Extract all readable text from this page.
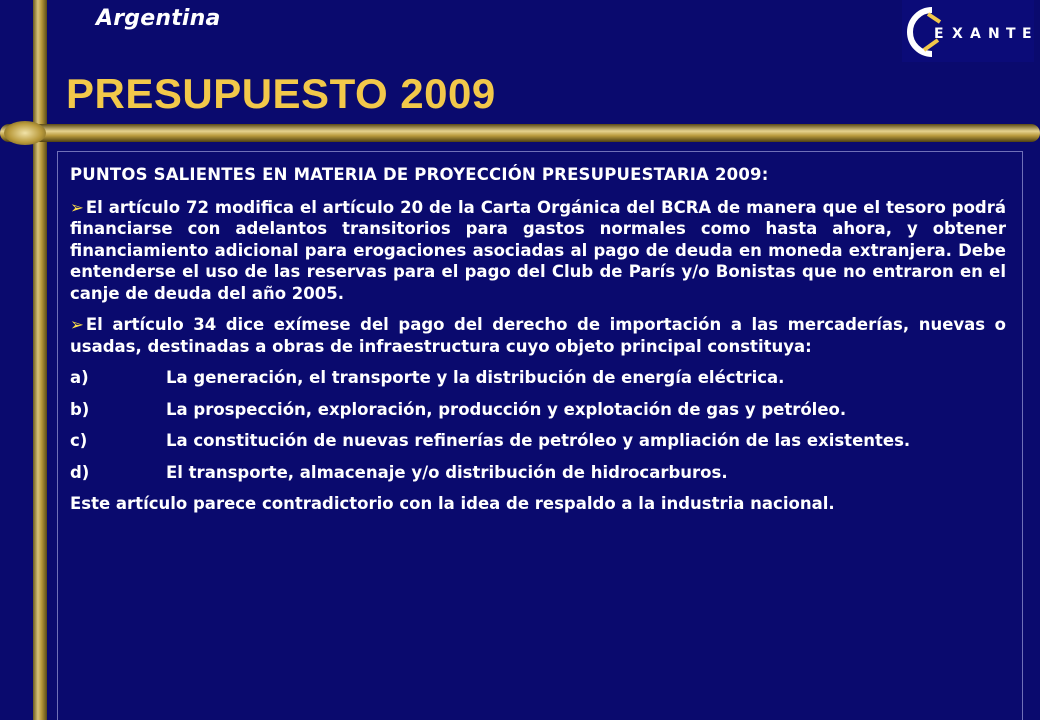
Argentina
PRESUPUESTO 2009
E X A N T E
PUNTOS SALIENTES EN MATERIA DE PROYECCIÓN PRESUPUESTARIA 2009:
➢ El artículo 72 modifica el artículo 20 de la Carta Orgánica del BCRA de manera que el tesoro podrá financiarse con adelantos transitorios para gastos normales como hasta ahora, y obtener financiamiento adicional para erogaciones asociadas al pago de deuda en moneda extranjera. Debe entenderse el uso de las reservas para el pago del Club de París y/o Bonistas que no entraron en el canje de deuda del año 2005.
➢ El artículo 34 dice exímese del pago del derecho de importación a las mercaderías, nuevas o usadas, destinadas a obras de infraestructura cuyo objeto principal constituya:
a)	La generación, el transporte y la distribución de energía eléctrica.
b)	La prospección, exploración, producción y explotación de gas y petróleo.
c)	La constitución de nuevas refinerías de petróleo y ampliación de las existentes.
d)	El transporte, almacenaje y/o distribución de hidrocarburos.
Este artículo parece contradictorio con la idea de respaldo a la industria nacional.
